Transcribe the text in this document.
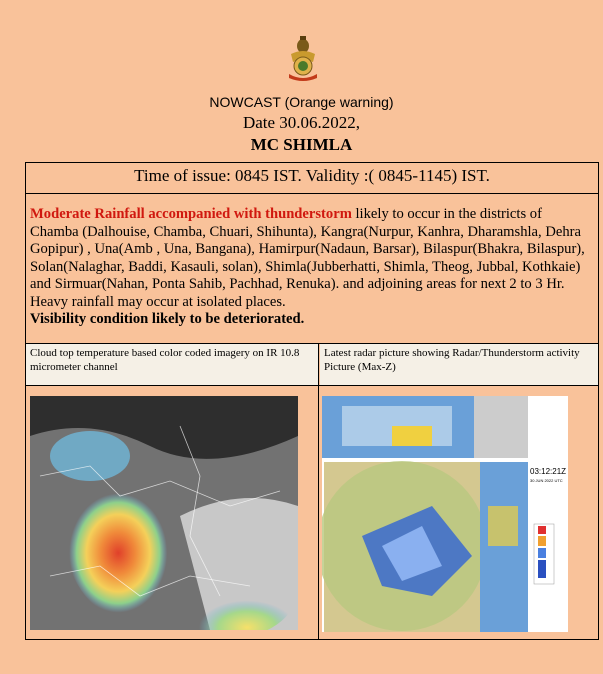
NOWCAST (Orange warning)
Date 30.06.2022,
MC SHIMLA
Time of issue: 0845 IST. Validity :( 0845-1145) IST.
Moderate Rainfall accompanied with thunderstorm likely to occur in the districts of Chamba (Dalhouise, Chamba, Chuari, Shihunta), Kangra(Nurpur, Kanhra, Dharamshla, Dehra Gopipur) , Una(Amb , Una, Bangana), Hamirpur(Nadaun, Barsar), Bilaspur(Bhakra, Bilaspur), Solan(Nalaghar, Baddi, Kasauli, solan), Shimla(Jubberhatti, Shimla, Theog, Jubbal, Kothkaie) and Sirmuar(Nahan, Ponta Sahib, Pachhad, Renuka). and adjoining areas for next 2 to 3 Hr. Heavy rainfall may occur at isolated places.
Visibility condition likely to be deteriorated.
Cloud top temperature based color coded imagery on IR 10.8 micrometer channel
Latest radar picture showing Radar/Thunderstorm activity Picture (Max-Z)
03:12:21Z
30 JUN 2022 UTC
